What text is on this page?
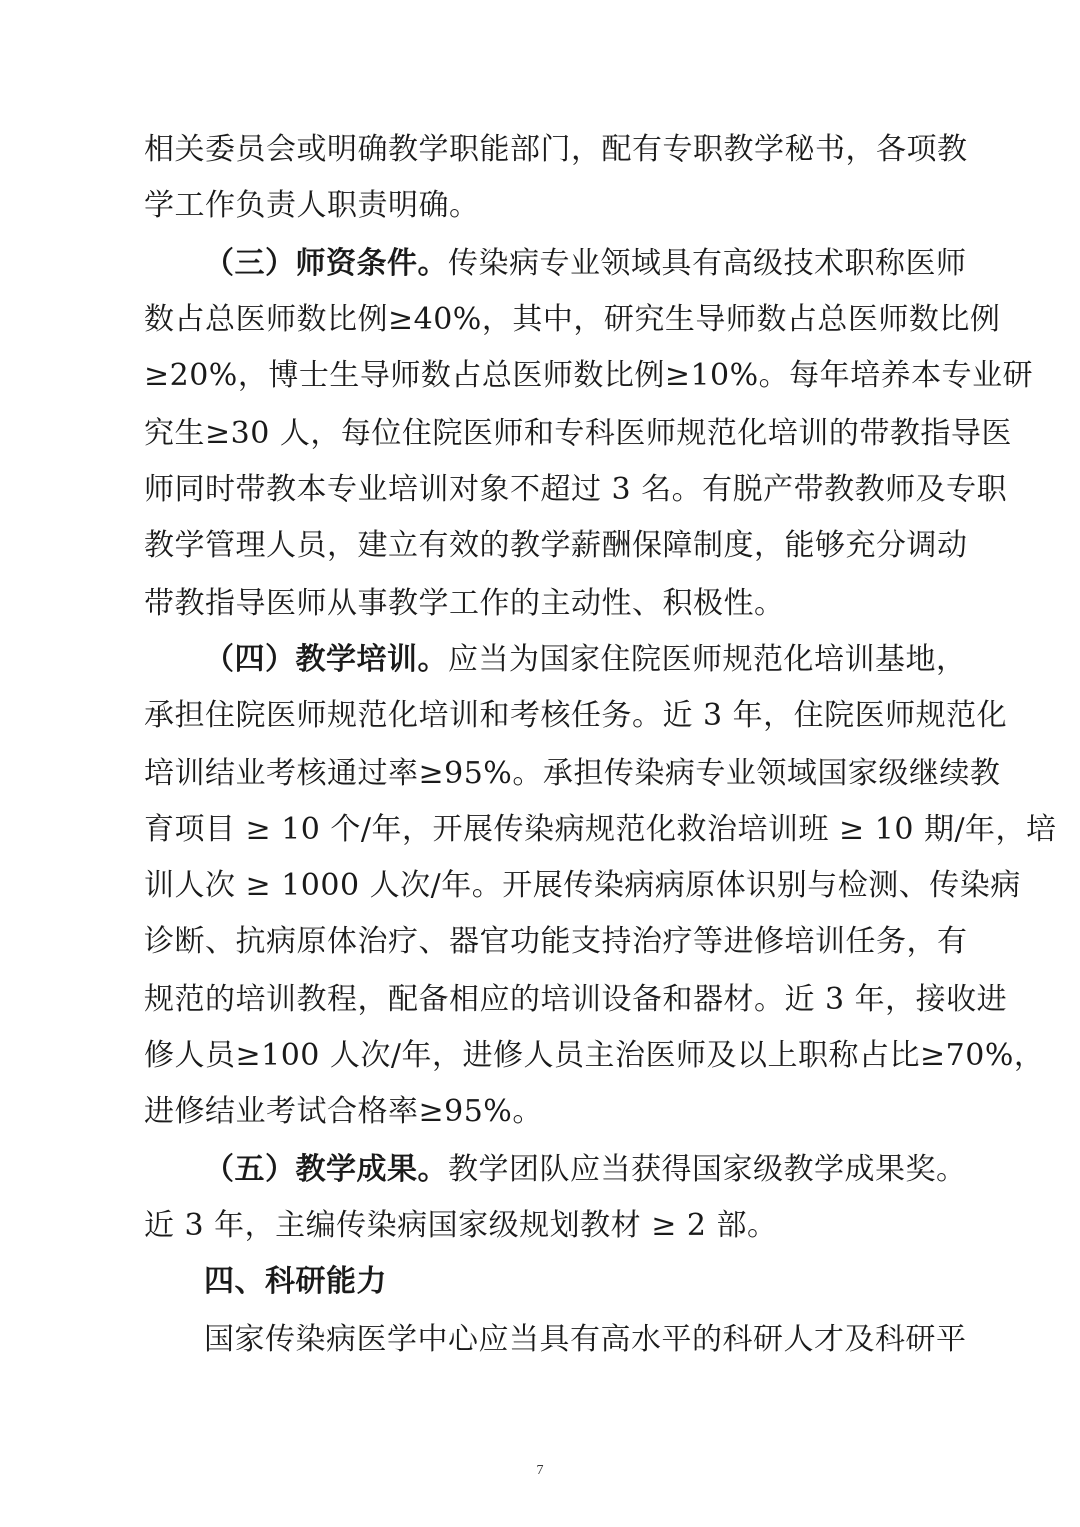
相关委员会或明确教学职能部门，配有专职教学秘书，各项教
学工作负责人职责明确。
（三）师资条件。传染病专业领域具有高级技术职称医师
数占总医师数比例≥40%，其中，研究生导师数占总医师数比例
≥20%，博士生导师数占总医师数比例≥10%。每年培养本专业研
究生≥30 人，每位住院医师和专科医师规范化培训的带教指导医
师同时带教本专业培训对象不超过 3 名。有脱产带教教师及专职
教学管理人员，建立有效的教学薪酬保障制度，能够充分调动
带教指导医师从事教学工作的主动性、积极性。
（四）教学培训。应当为国家住院医师规范化培训基地，
承担住院医师规范化培训和考核任务。近 3 年，住院医师规范化
培训结业考核通过率≥95%。承担传染病专业领域国家级继续教
育项目 ≥ 10 个/年，开展传染病规范化救治培训班 ≥ 10 期/年，培
训人次 ≥ 1000 人次/年。开展传染病病原体识别与检测、传染病
诊断、抗病原体治疗、器官功能支持治疗等进修培训任务，有
规范的培训教程，配备相应的培训设备和器材。近 3 年，接收进
修人员≥100 人次/年，进修人员主治医师及以上职称占比≥70%，
进修结业考试合格率≥95%。
（五）教学成果。教学团队应当获得国家级教学成果奖。
近 3 年，主编传染病国家级规划教材 ≥ 2 部。
四、科研能力
国家传染病医学中心应当具有高水平的科研人才及科研平
7
